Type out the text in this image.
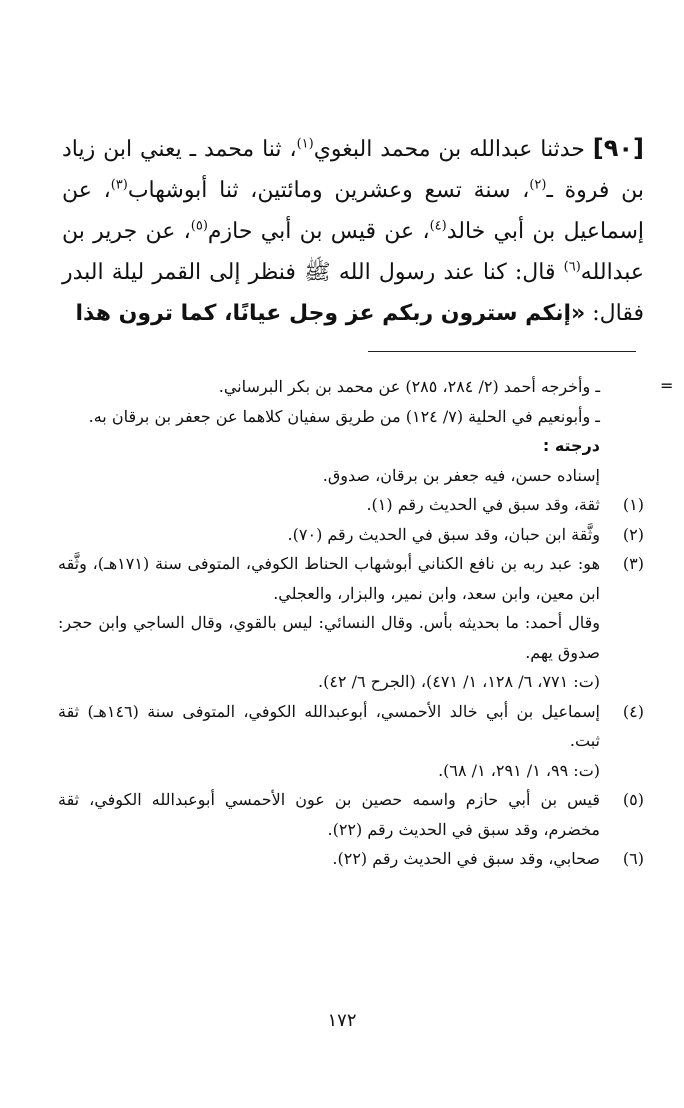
[٩٠] حدثنا عبدالله بن محمد البغوي$^{(١)}$، ثنا محمد ـ يعني ابن زياد بن فروة ـ$^{(٢)}$، سنة تسع وعشرين ومائتين، ثنا أبوشهاب$^{(٣)}$، عن إسماعيل بن أبي خالد$^{(٤)}$، عن قيس بن أبي حازم$^{(٥)}$، عن جرير بن عبدالله$^{(٦)}$ قال: كنا عند رسول الله ﷺ فنظر إلى القمر ليلة البدر فقال: «إنكم سترون ربكم عز وجل عيانًا، كما ترون هذا

=
ـ وأخرجه أحمد (٢/ ٢٨٤، ٢٨٥) عن محمد بن بكر البرساني.
ـ وأبونعيم في الحلية (٧/ ١٢٤) من طريق سفيان كلاهما عن جعفر بن برقان به.
درجته :
إسناده حسن، فيه جعفر بن برقان، صدوق.
(١)
ثقة، وقد سبق في الحديث رقم (١).
(٢)
وثَّقة ابن حبان، وقد سبق في الحديث رقم (٧٠).
(٣)
هو: عبد ربه بن نافع الكناني أبوشهاب الحناط الكوفي، المتوفى سنة (١٧١هـ)، وثَّقه ابن معين، وابن سعد، وابن نمير، والبزار، والعجلي.
وقال أحمد: ما بحديثه بأس. وقال النسائي: ليس بالقوي، وقال الساجي وابن حجر: صدوق يهم.
(ت: ٧٧١، ٦/ ١٢٨، ١/ ٤٧١)، (الجرح ٦/ ٤٢).
(٤)
إسماعيل بن أبي خالد الأحمسي، أبوعبدالله الكوفي، المتوفى سنة (١٤٦هـ) ثقة ثبت.
(ت: ٩٩، ١/ ٢٩١، ١/ ٦٨).
(٥)
قيس بن أبي حازم واسمه حصين بن عون الأحمسي أبوعبدالله الكوفي، ثقة مخضرم، وقد سبق في الحديث رقم (٢٢).
(٦)
صحابي، وقد سبق في الحديث رقم (٢٢).
١٧٢
